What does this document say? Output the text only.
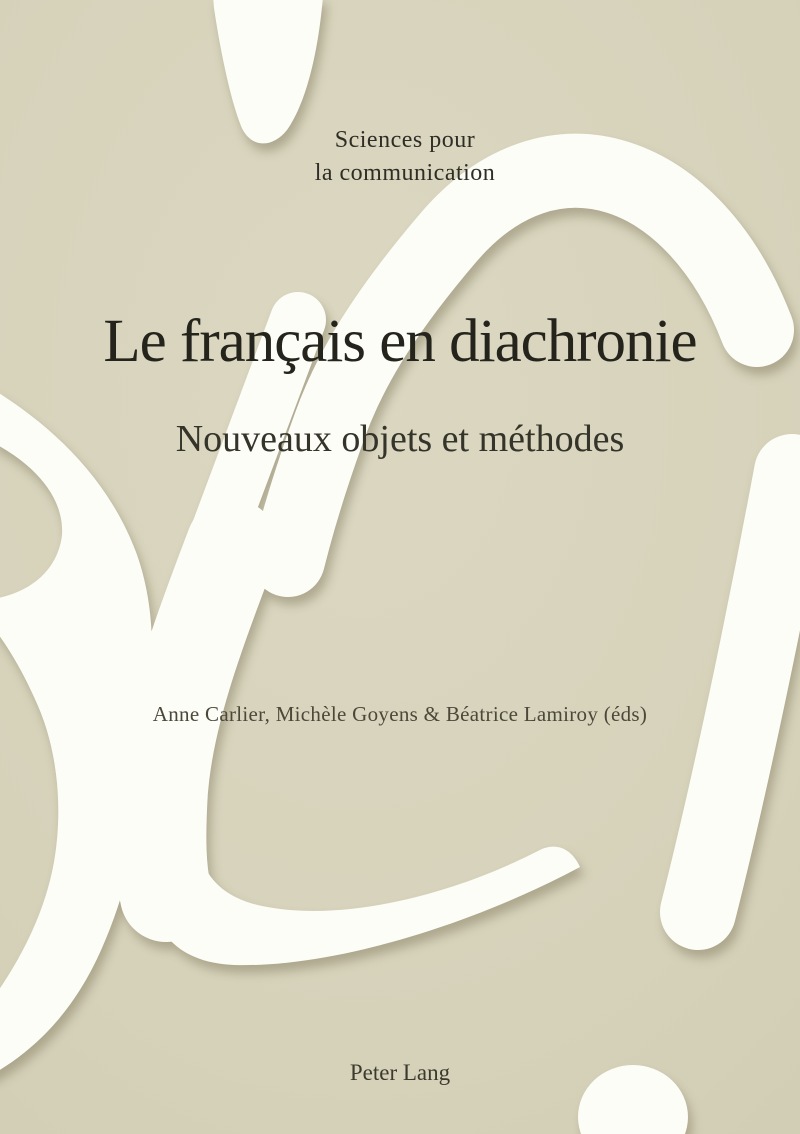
Sciences pour
la communication
Le français en diachronie
Nouveaux objets et méthodes
Anne Carlier, Michèle Goyens & Béatrice Lamiroy (éds)
Peter Lang
